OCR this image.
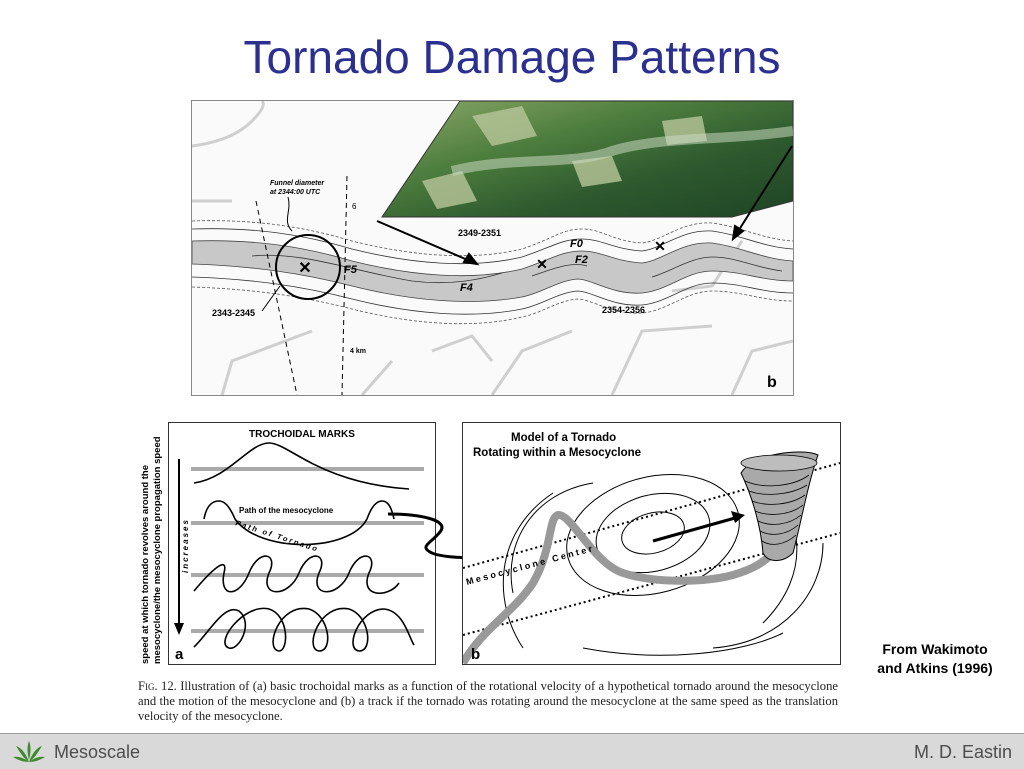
Tornado Damage Patterns
✕	✕
✕
6
4 km
Funnel diameter
at 2344:00 UTC
2343-2345
2349-2351
2354-2356
F5
F4
F2
F0
b
speed at which tornado revolves around the mesocyclone/the mesocyclone propagation speed
TROCHOIDAL MARKS
increases
Path of the mesocyclone
Path of Tornado
a
Model of a Tornado
Rotating within a Mesocyclone
Mesocyclone Center
b	From Wakimoto
and Atkins (1996)
Fig. 12. Illustration of (a) basic trochoidal marks as a function of the rotational velocity of a hypothetical tornado around the mesocyclone and the motion of the mesocyclone and (b) a track if the tornado was rotating around the mesocyclone at the same speed as the translation velocity of the mesocyclone.
Mesoscale	M. D. Eastin
